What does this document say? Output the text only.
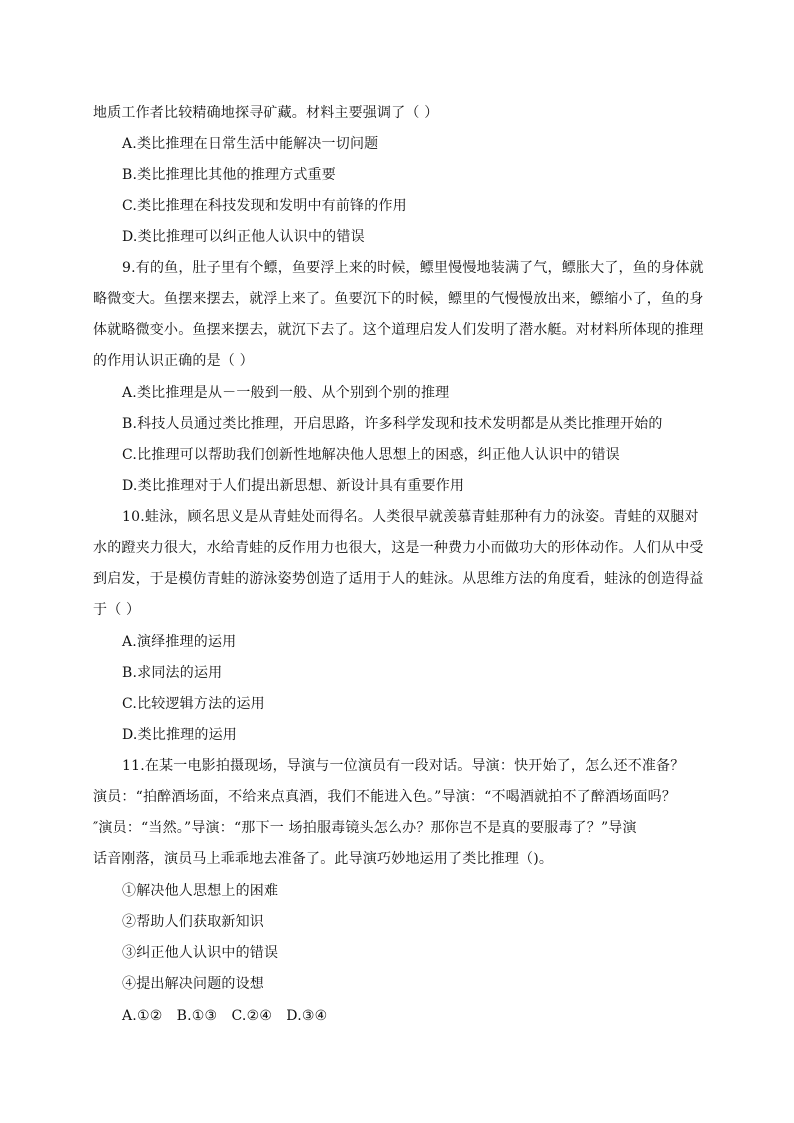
地质工作者比较精确地探寻矿藏。材料主要强调了（ ）
A.类比推理在日常生活中能解决一切问题
B.类比推理比其他的推理方式重要
C.类比推理在科技发现和发明中有前锋的作用
D.类比推理可以纠正他人认识中的错误
9.有的鱼，肚子里有个鳔，鱼要浮上来的时候，鳔里慢慢地装满了气，鳔胀大了，鱼的身体就
略微变大。鱼摆来摆去，就浮上来了。鱼要沉下的时候，鳔里的气慢慢放出来，鳔缩小了，鱼的身
体就略微变小。鱼摆来摆去，就沉下去了。这个道理启发人们发明了潜水艇。对材料所体现的推理
的作用认识正确的是（ ）
A.类比推理是从－一般到一般、从个别到个别的推理
B.科技人员通过类比推理，开启思路，许多科学发现和技术发明都是从类比推理开始的
C.比推理可以帮助我们创新性地解决他人思想上的困惑，纠正他人认识中的错误
D.类比推理对于人们提出新思想、新设计具有重要作用
10.蛙泳，顾名思义是从青蛙处而得名。人类很早就羡慕青蛙那种有力的泳姿。青蛙的双腿对
水的蹬夹力很大，水给青蛙的反作用力也很大，这是一种费力小而做功大的形体动作。人们从中受
到启发，于是模仿青蛙的游泳姿势创造了适用于人的蛙泳。从思维方法的角度看，蛙泳的创造得益
于（ ）
A.演绎推理的运用
B.求同法的运用
C.比较逻辑方法的运用
D.类比推理的运用
11.在某一电影拍摄现场，导演与一位演员有一段对话。导演：快开始了，怎么还不准备？
演员：“拍醉酒场面，不给来点真酒，我们不能进入色。”导演：“不喝酒就拍不了醉酒场面吗？
″演员：“当然。”导演：“那下一 场拍服毒镜头怎么办？那你岂不是真的要服毒了？”导演
话音刚落，演员马上乖乖地去准备了。此导演巧妙地运用了类比推理（)。
①解决他人思想上的困难
②帮助人们获取新知识
③纠正他人认识中的错误
④提出解决问题的设想
A.①②　B.①③　C.②④　D.③④
